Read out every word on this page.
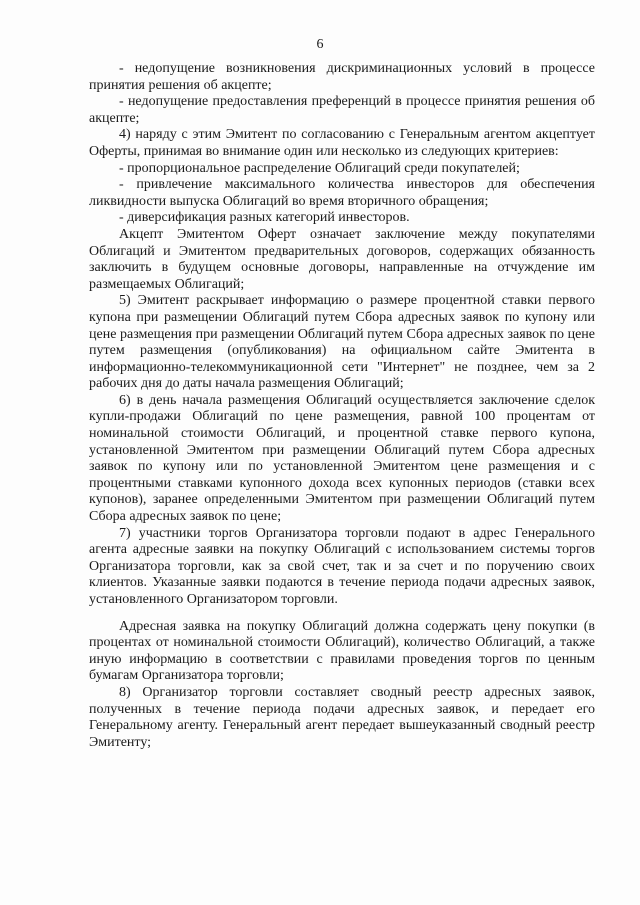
6

- недопущение возникновения дискриминационных условий в процессе принятия решения об акцепте;

- недопущение предоставления преференций в процессе принятия решения об акцепте;

4) наряду с этим Эмитент по согласованию с Генеральным агентом акцептует Оферты, принимая во внимание один или несколько из следующих критериев:

- пропорциональное распределение Облигаций среди покупателей;

- привлечение максимального количества инвесторов для обеспечения ликвидности выпуска Облигаций во время вторичного обращения;

- диверсификация разных категорий инвесторов.

Акцепт Эмитентом Оферт означает заключение между покупателями Облигаций и Эмитентом предварительных договоров, содержащих обязанность заключить в будущем основные договоры, направленные на отчуждение им размещаемых Облигаций;

5) Эмитент раскрывает информацию о размере процентной ставки первого купона при размещении Облигаций путем Сбора адресных заявок по купону или цене размещения при размещении Облигаций путем Сбора адресных заявок по цене путем размещения (опубликования) на официальном сайте Эмитента в информационно-телекоммуникационной сети "Интернет" не позднее, чем за 2 рабочих дня до даты начала размещения Облигаций;

6) в день начала размещения Облигаций осуществляется заключение сделок купли-продажи Облигаций по цене размещения, равной 100 процентам от номинальной стоимости Облигаций, и процентной ставке первого купона, установленной Эмитентом при размещении Облигаций путем Сбора адресных заявок по купону или по установленной Эмитентом цене размещения и с процентными ставками купонного дохода всех купонных периодов (ставки всех купонов), заранее определенными Эмитентом при размещении Облигаций путем Сбора адресных заявок по цене;

7) участники торгов Организатора торговли подают в адрес Генерального агента адресные заявки на покупку Облигаций с использованием системы торгов Организатора торговли, как за свой счет, так и за счет и по поручению своих клиентов. Указанные заявки подаются в течение периода подачи адресных заявок, установленного Организатором торговли.

Адресная заявка на покупку Облигаций должна содержать цену покупки (в процентах от номинальной стоимости Облигаций), количество Облигаций, а также иную информацию в соответствии с правилами проведения торгов по ценным бумагам Организатора торговли;

8) Организатор торговли составляет сводный реестр адресных заявок, полученных в течение периода подачи адресных заявок, и передает его Генеральному агенту. Генеральный агент передает вышеуказанный сводный реестр Эмитенту;
